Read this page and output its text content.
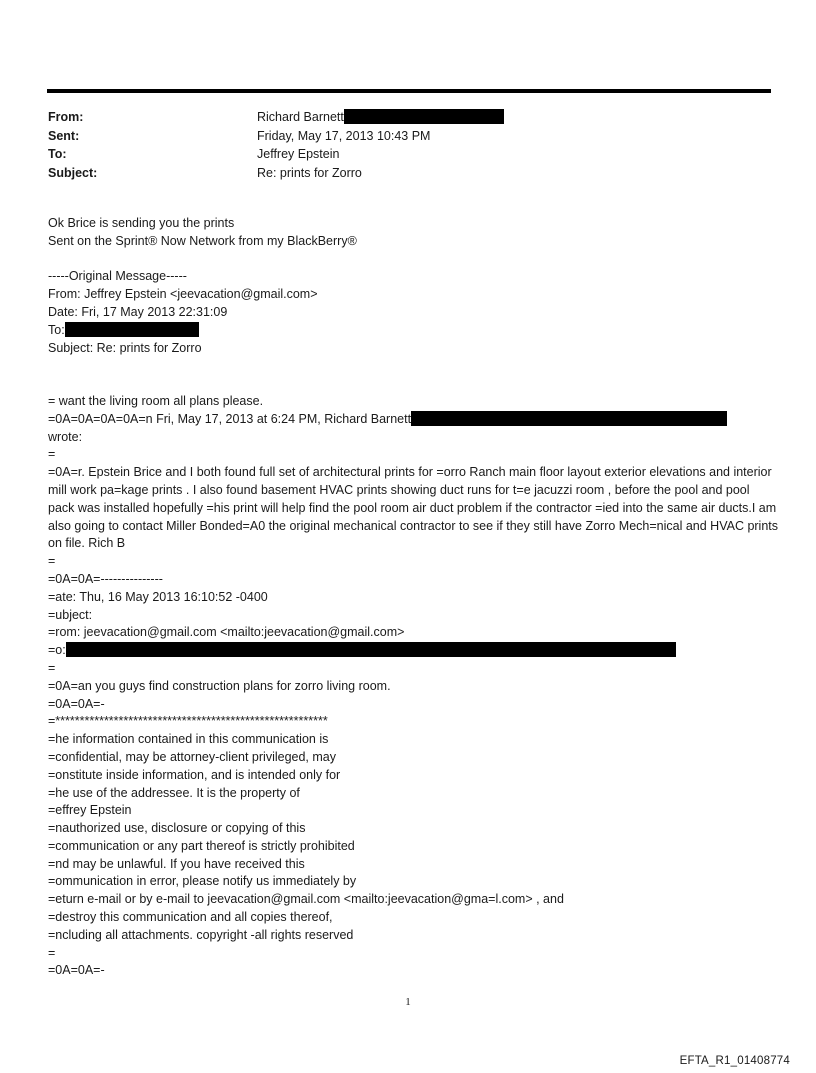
From:	Richard Barnett
Sent:	Friday, May 17, 2013 10:43 PM
To:	Jeffrey Epstein
Subject:	Re: prints for Zorro
Ok Brice is sending you the prints
Sent on the Sprint® Now Network from my BlackBerry®
-----Original Message-----
From: Jeffrey Epstein <jeevacation@gmail.com>
Date: Fri, 17 May 2013 22:31:09
To:
Subject: Re: prints for Zorro
= want the living room all plans please.
=0A=0A=0A=0A=n Fri, May 17, 2013 at 6:24 PM, Richard Barnett
wrote:
=
=0A=r. Epstein Brice and I both found full set of architectural prints for =orro Ranch main floor layout exterior elevations and interior mill work pa=kage prints . I also found basement HVAC prints showing duct runs for t=e jacuzzi room , before the pool and pool pack was installed hopefully =his print will help find the pool room air duct problem if the contractor =ied into the same air ducts.I am also going to contact Miller Bonded=A0 the original mechanical contractor to see if they still have Zorro Mech=nical and HVAC prints on file. Rich B
=
=0A=0A=---------------
=ate: Thu, 16 May 2013 16:10:52 -0400
=ubject:
=rom: jeevacation@gmail.com <mailto:jeevacation@gmail.com>
=o:
=
=0A=an you guys find construction plans for zorro living room.
=0A=0A=-
=********************************************************
=he information contained in this communication is
=confidential, may be attorney-client privileged, may
=onstitute inside information, and is intended only for
=he use of the addressee. It is the property of
=effrey Epstein
=nauthorized use, disclosure or copying of this
=communication or any part thereof is strictly prohibited
=nd may be unlawful. If you have received this
=ommunication in error, please notify us immediately by
=eturn e-mail or by e-mail to jeevacation@gmail.com <mailto:jeevacation@gma=l.com> , and
=destroy this communication and all copies thereof,
=ncluding all attachments. copyright -all rights reserved
=
=0A=0A=-
1
EFTA_R1_01408774
